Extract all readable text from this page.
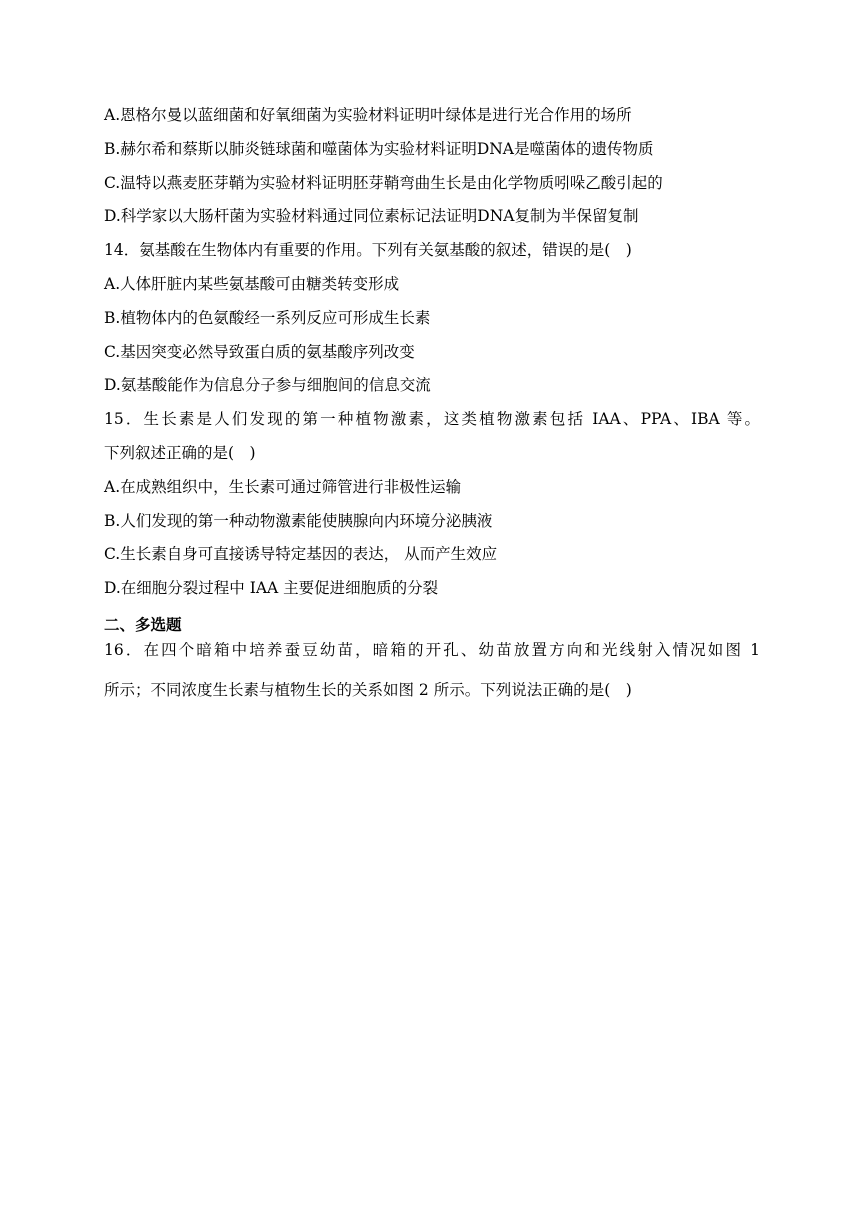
A.恩格尔曼以蓝细菌和好氧细菌为实验材料证明叶绿体是进行光合作用的场所
B.赫尔希和蔡斯以肺炎链球菌和噬菌体为实验材料证明DNA是噬菌体的遗传物质
C.温特以燕麦胚芽鞘为实验材料证明胚芽鞘弯曲生长是由化学物质吲哚乙酸引起的
D.科学家以大肠杆菌为实验材料通过同位素标记法证明DNA复制为半保留复制
14．氨基酸在生物体内有重要的作用。下列有关氨基酸的叙述，错误的是(　)
A.人体肝脏内某些氨基酸可由糖类转变形成
B.植物体内的色氨酸经一系列反应可形成生长素
C.基因突变必然导致蛋白质的氨基酸序列改变
D.氨基酸能作为信息分子参与细胞间的信息交流
15．生长素是人们发现的第一种植物激素，这类植物激素包括 IAA、PPA、IBA 等。
下列叙述正确的是(　)
A.在成熟组织中，生长素可通过筛管进行非极性运输
B.人们发现的第一种动物激素能使胰腺向内环境分泌胰液
C.生长素自身可直接诱导特定基因的表达， 从而产生效应
D.在细胞分裂过程中 IAA 主要促进细胞质的分裂
二、多选题
16．在四个暗箱中培养蚕豆幼苗，暗箱的开孔、幼苗放置方向和光线射入情况如图 1
所示；不同浓度生长素与植物生长的关系如图 2 所示。下列说法正确的是(　)
